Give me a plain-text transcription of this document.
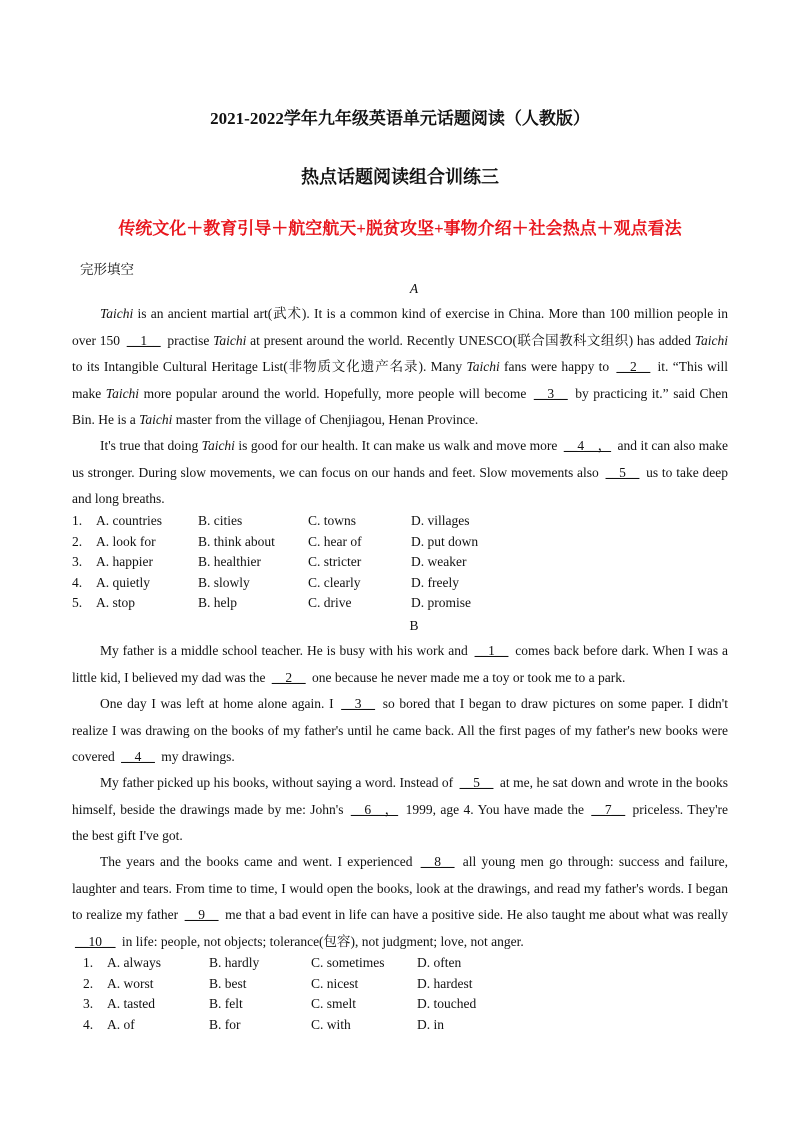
2021-2022学年九年级英语单元话题阅读（人教版）
热点话题阅读组合训练三
传统文化＋教育引导＋航空航天+脱贫攻坚+事物介绍＋社会热点＋观点看法
完形填空
A

Taichi is an ancient martial art(武术). It is a common kind of exercise in China. More than 100 million people in over 150 __1__ practise Taichi at present around the world. Recently UNESCO(联合国教科文组织) has added Taichi to its Intangible Cultural Heritage List(非物质文化遗产名录). Many Taichi fans were happy to __2__ it. “This will make Taichi more popular around the world. Hopefully, more people will become __3__ by practicing it.” said Chen Bin. He is a Taichi master from the village of Chenjiagou, Henan Province.

It's true that doing Taichi is good for our health. It can make us walk and move more __4__， and it can also make us stronger. During slow movements, we can focus on our hands and feet. Slow movements also __5__ us to take deep and long breaths.

1.	A. countries	B. cities	C. towns	D. villages
2.	A. look for	B. think about	C. hear of	D. put down
3.	A. happier	B. healthier	C. stricter	D. weaker
4.	A. quietly	B. slowly	C. clearly	D. freely
5.	A. stop	B. help	C. drive	D. promise
B

My father is a middle school teacher. He is busy with his work and __1__ comes back before dark. When I was a little kid, I believed my dad was the __2__ one because he never made me a toy or took me to a park.

One day I was left at home alone again. I __3__ so bored that I began to draw pictures on some paper. I didn't realize I was drawing on the books of my father's until he came back. All the first pages of my father's new books were covered __4__ my drawings.

My father picked up his books, without saying a word. Instead of __5__ at me, he sat down and wrote in the books himself, beside the drawings made by me: John's __6__， 1999, age 4. You have made the __7__ priceless. They're the best gift I've got.

The years and the books came and went. I experienced __8__ all young men go through: success and failure, laughter and tears. From time to time, I would open the books, look at the drawings, and read my father's words. I began to realize my father __9__ me that a bad event in life can have a positive side. He also taught me about what was really __10__ in life: people, not objects; tolerance(包容), not judgment; love, not anger.

1.	A. always	B. hardly	C. sometimes	D. often
2.	A. worst	B. best	C. nicest	D. hardest
3.	A. tasted	B. felt	C. smelt	D. touched
4.	A. of	B. for	C. with	D. in
